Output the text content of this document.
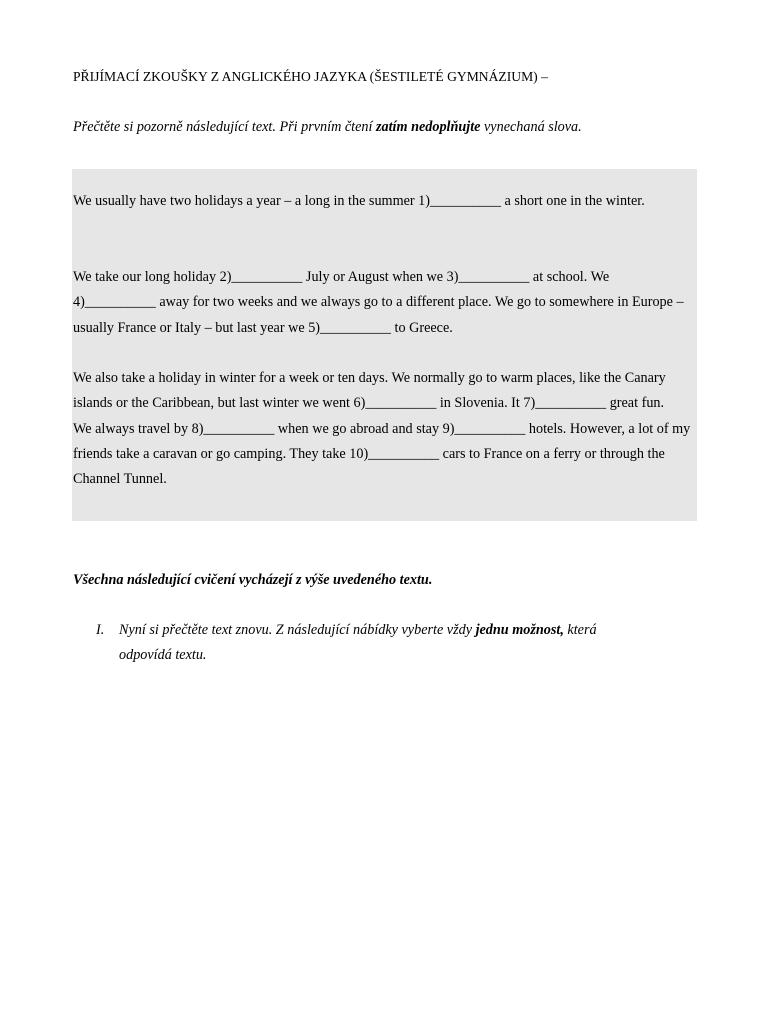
PŘIJÍMACÍ ZKOUŠKY Z ANGLICKÉHO JAZYKA (ŠESTILETÉ GYMNÁZIUM) –
Přečtěte si pozorně následující text. Při prvním čtení zatím nedoplňujte vynechaná slova.

We usually have two holidays a year – a long in the summer 1)__________ a short one in the winter.

We take our long holiday 2)__________ July or August when we 3)__________ at school. We 4)__________ away for two weeks and we always go to a different place. We go to somewhere in Europe – usually France or Italy – but last year we 5)__________ to Greece.

We also take a holiday in winter for a week or ten days. We normally go to warm places, like the Canary islands or the Caribbean, but last winter we went 6)__________ in Slovenia. It 7)__________ great fun.
We always travel by 8)__________ when we go abroad and stay 9)__________ hotels. However, a lot of my friends take a caravan or go camping. They take 10)__________ cars to France on a ferry or through the Channel Tunnel.

Všechna následující cvičení vycházejí z výše uvedeného textu.
I.	Nyní si přečtěte text znovu. Z následující nábídky vyberte vždy jednu možnost, která odpovídá textu.
